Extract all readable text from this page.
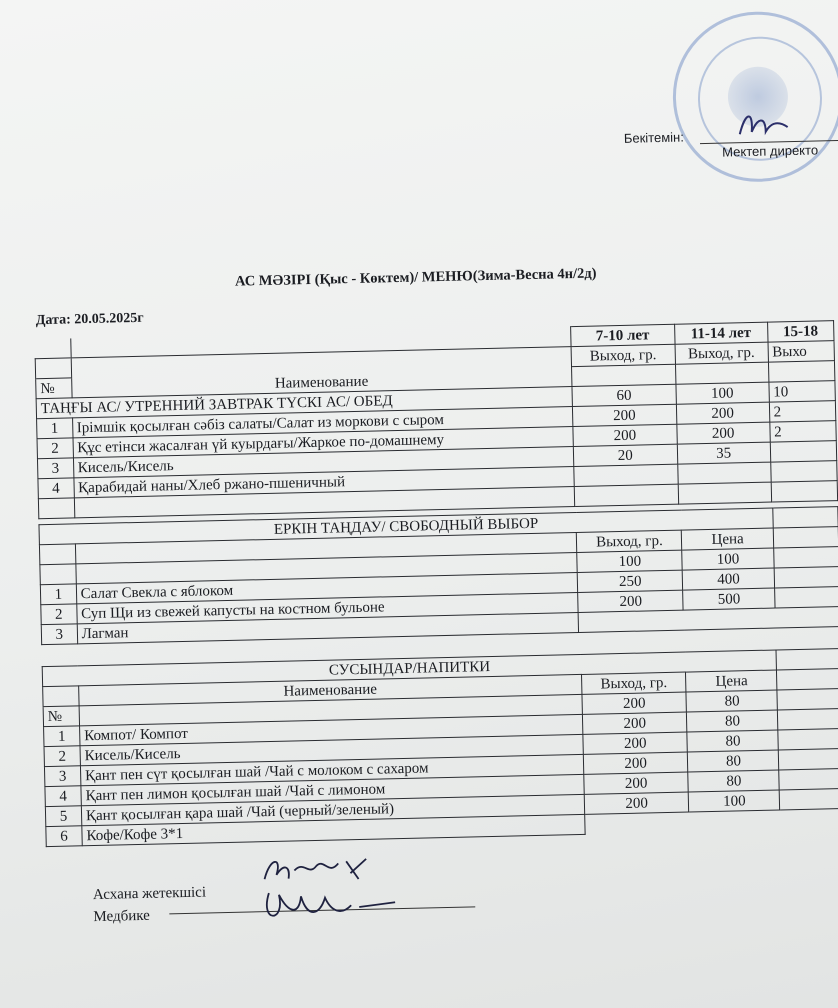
Бекітемін:
Мектеп директо
АС МӘЗІРІ (Қыс - Көктем)/ МЕНЮ(Зима-Весна 4н/2д)
Дата: 20.05.2025г
		7-10 лет	11-14 лет	15-18
	Наименование	Выход, гр.	Выход, гр.	Выхо
№				
ТАҢҒЫ АС/ УТРЕННИЙ ЗАВТРАК ТҮСКІ АС/ ОБЕД		60	100	10
1	Ірімшік қосылған сәбіз салаты/Салат из моркови с сыром	200	200	2
2	Құс етінси жасалған үй куырдағы/Жаркое по-домашнему	200	200	2
3	Кисель/Кисель	20	35	
4	Қарабидай наны/Хлеб ржано-пшеничный			

ЕРКІН ТАҢДАУ/ СВОБОДНЫЙ ВЫБОР				
		Выход, гр.	Цена	
		100	100	
1	Салат Свекла с яблоком	250	400	
2	Суп Щи из свежей капусты на костном бульоне	200	500	
3	Лагман			
СУСЫНДАР/НАПИТКИ				
	Наименование	Выход, гр.	Цена	
№		200	80	
1	Компот/ Компот	200	80	
2	Кисель/Кисель	200	80	
3	Қант пен сүт қосылған шай /Чай с молоком с сахаром	200	80	
4	Қант пен лимон қосылған шай /Чай с лимоном	200	80	
5	Қант қосылған қара шай /Чай (черный/зеленый)	200	100	
6	Кофе/Кофе 3*1			
Асхана жетекшісі
Медбике
